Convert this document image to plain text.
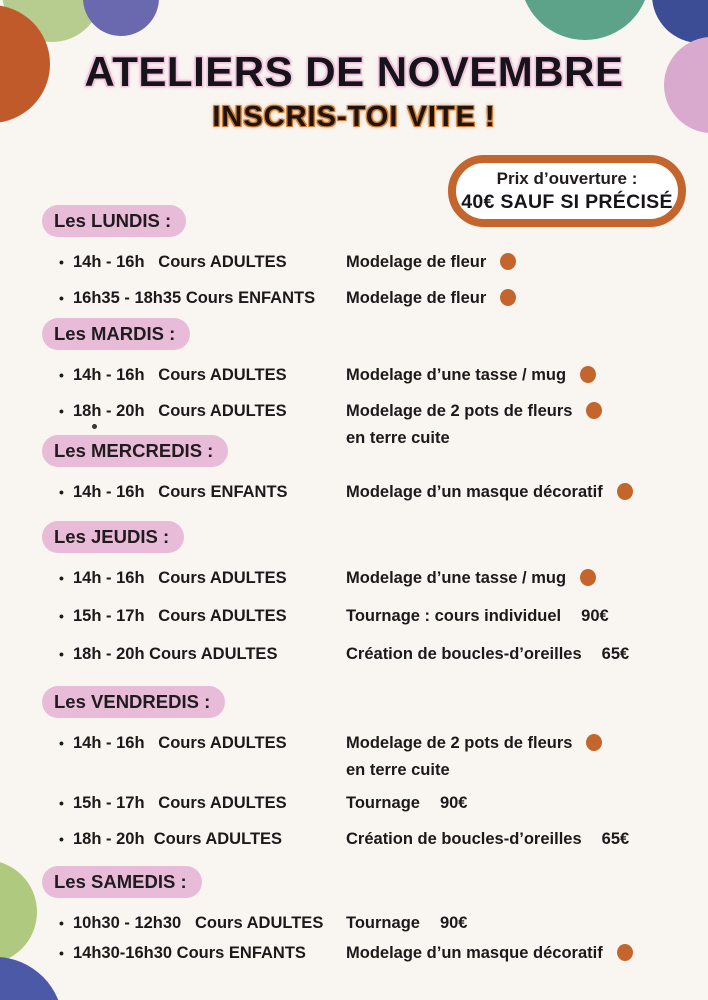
ATELIERS DE NOVEMBRE
INSCRIS-TOI VITE !
Prix d’ouverture :
40€ SAUF SI PRÉCISÉ
Les LUNDIS :
• 14h - 16h   Cours ADULTES	Modelage de fleur
• 16h35 - 18h35 Cours ENFANTS	Modelage de fleur
Les MARDIS :
• 14h - 16h   Cours ADULTES	Modelage d’une tasse / mug
• 18h - 20h   Cours ADULTES	Modelage de 2 pots de fleurs
en terre cuite
Les MERCREDIS :
• 14h - 16h   Cours ENFANTS	Modelage d’un masque décoratif
Les JEUDIS :
• 14h - 16h   Cours ADULTES	Modelage d’une tasse / mug
• 15h - 17h   Cours ADULTES	Tournage : cours individuel 90€
• 18h - 20h Cours ADULTES	Création de boucles-d’oreilles 65€
Les VENDREDIS :
• 14h - 16h   Cours ADULTES	Modelage de 2 pots de fleurs
en terre cuite
• 15h - 17h   Cours ADULTES	Tournage 90€
• 18h - 20h  Cours ADULTES	Création de boucles-d’oreilles 65€
Les SAMEDIS :
• 10h30 - 12h30   Cours ADULTES	Tournage 90€
• 14h30-16h30 Cours ENFANTS	Modelage d’un masque décoratif
